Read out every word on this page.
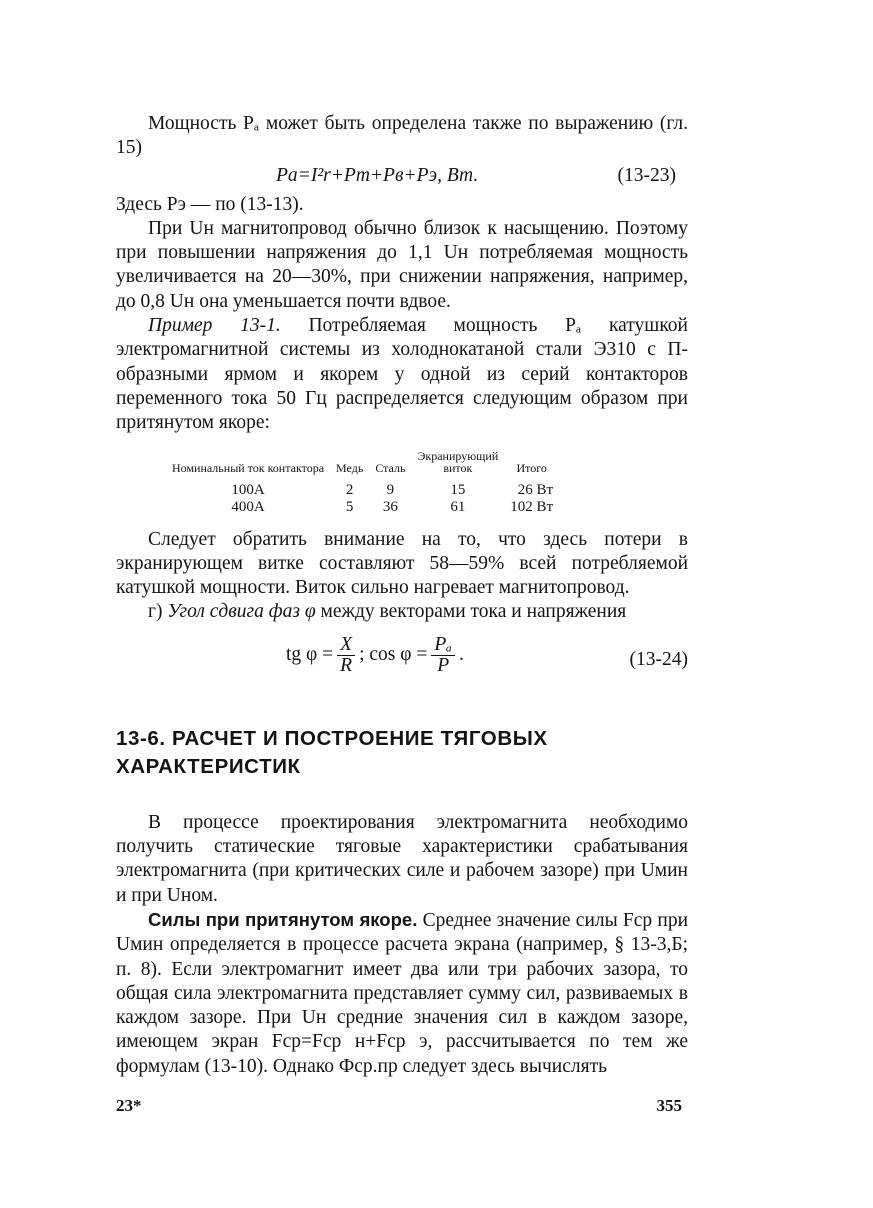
Мощность Pₐ может быть определена также по выражению (гл. 15)

Pа=I²r+Pт+Pв+Pэ, Вт.	(13-23)

Здесь Pэ — по (13-13).

При Uн магнитопровод обычно близок к насыщению. Поэтому при повышении напряжения до 1,1 Uн потребляемая мощность увеличивается на 20—30%, при снижении напряжения, например, до 0,8 Uн она уменьшается почти вдвое.

Пример 13-1. Потребляемая мощность Pₐ катушкой электромагнитной системы из холоднокатаной стали Э310 с П-образными ярмом и якорем у одной из серий контакторов переменного тока 50 Гц распределяется следующим образом при притянутом якоре:

Номинальный ток контактора	Медь	Сталь	Экранирующий виток	Итого
100А	2	9	15	26 Вт
400А	5	36	61	102 Вт

Следует обратить внимание на то, что здесь потери в экранирующем витке составляют 58—59% всей потребляемой катушкой мощности. Виток сильно нагревает магнитопровод.

г) Угол сдвига фаз φ между векторами тока и напряжения

tg $\varphi = \frac{X}{R}$ ; $\cos \varphi = \frac{\text{Pₐ}}{P}$ .	(13-24)
13-6. РАСЧЕТ И ПОСТРОЕНИЕ ТЯГОВЫХ ХАРАКТЕРИСТИК

В процессе проектирования электромагнита необходимо получить статические тяговые характеристики срабатывания электромагнита (при критических силе и рабочем зазоре) при Uмин и при Uном.

Силы при притянутом якоре. Среднее значение силы Fср при Uмин определяется в процессе расчета экрана (например, § 13-3,Б; п. 8). Если электромагнит имеет два или три рабочих зазора, то общая сила электромагнита представляет сумму сил, развиваемых в каждом зазоре. При Uн средние значения сил в каждом зазоре, имеющем экран Fср=Fср н+Fср э, рассчитывается по тем же формулам (13-10). Однако Фср.пр следует здесь вычислять

23*	355
